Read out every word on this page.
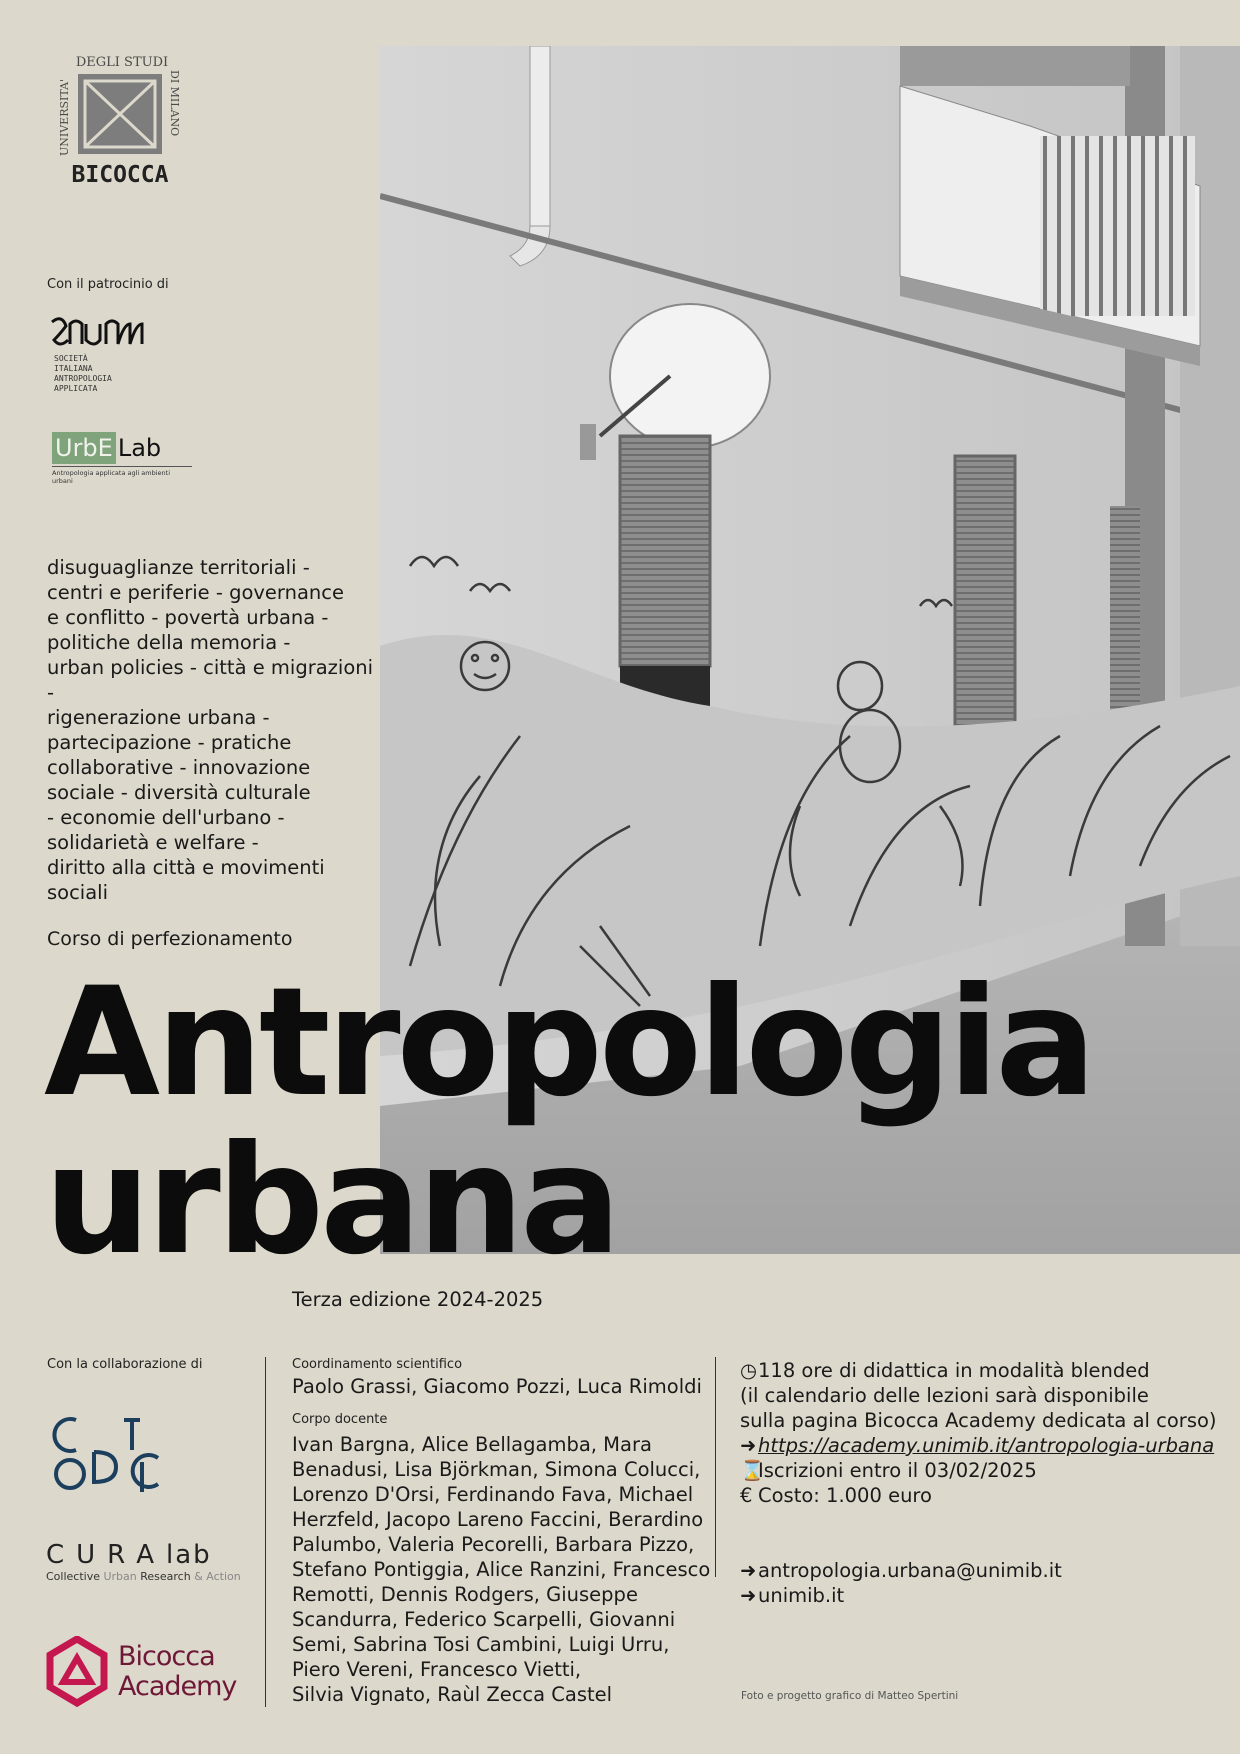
DEGLI STUDI
UNIVERSITA'	DI MILANO
BICOCCA
Con il patrocinio di
SOCIETÀ
ITALIANA
ANTROPOLOGIA
APPLICATA
UrbE Lab
Antropologia applicata agli ambienti urbani
disuguaglianze territoriali -
centri e periferie - governance
e conflitto - povertà urbana -
politiche della memoria -
urban policies - città e migrazioni -
rigenerazione urbana -
partecipazione - pratiche
collaborative - innovazione
sociale - diversità culturale
- economie dell'urbano -
solidarietà e welfare -
diritto alla città e movimenti sociali
Corso di perfezionamento
Antropologia
urbana
Terza edizione 2024-2025
Con la collaborazione di
CURAlab
Collective Urban Research & Action
Bicocca
Academy
Coordinamento scientifico
Paolo Grassi, Giacomo Pozzi, Luca Rimoldi
Corpo docente
Ivan Bargna, Alice Bellagamba, Mara
Benadusi, Lisa Björkman, Simona Colucci,
Lorenzo D'Orsi, Ferdinando Fava, Michael
Herzfeld, Jacopo Lareno Faccini, Berardino
Palumbo, Valeria Pecorelli, Barbara Pizzo,
Stefano Pontiggia, Alice Ranzini, Francesco
Remotti, Dennis Rodgers, Giuseppe
Scandurra, Federico Scarpelli, Giovanni
Semi, Sabrina Tosi Cambini, Luigi Urru,
Piero Vereni, Francesco Vietti,
Silvia Vignato, Raùl Zecca Castel
◷118 ore di didattica in modalità blended
(il calendario delle lezioni sarà disponibile
sulla pagina Bicocca Academy dedicata al corso)
➜https://academy.unimib.it/antropologia-urbana
⌛Iscrizioni entro il 03/02/2025
€ Costo: 1.000 euro
➜antropologia.urbana@unimib.it
➜unimib.it
Foto e progetto grafico di Matteo Spertini
